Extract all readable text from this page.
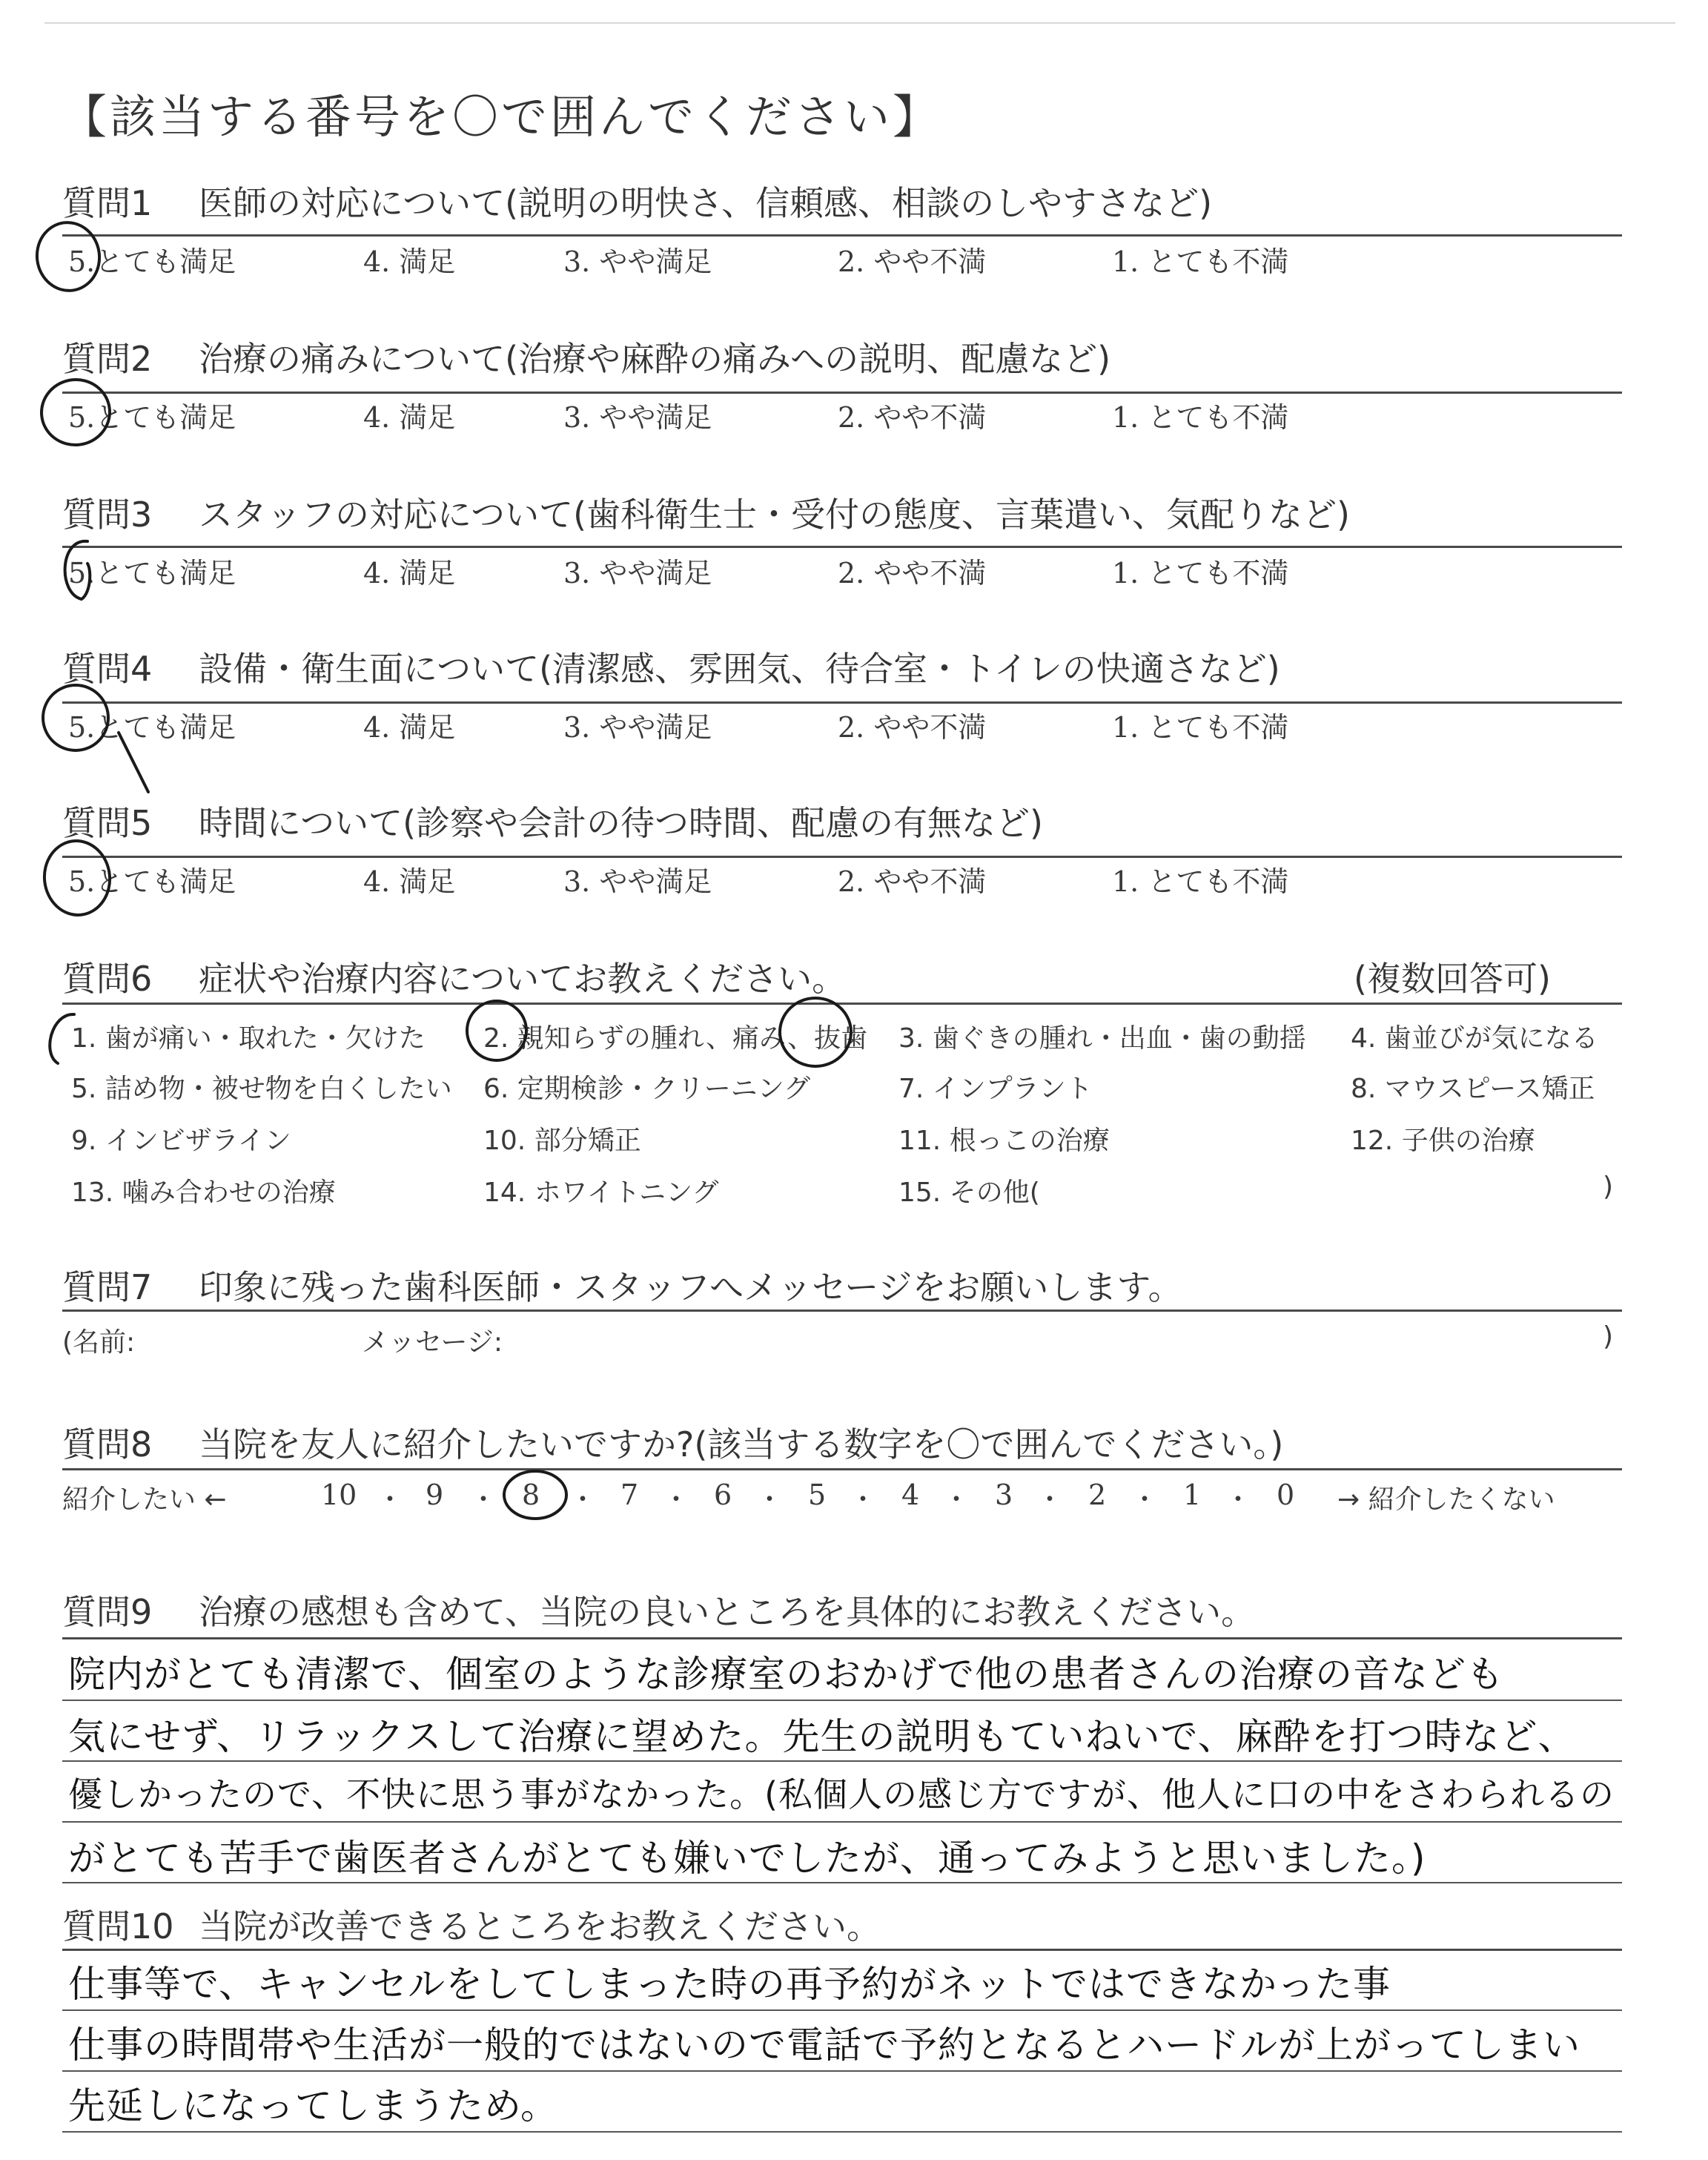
【該当する番号を〇で囲んでください】
質問1 医師の対応について(説明の明快さ、信頼感、相談のしやすさなど)
5.とても満足	4. 満足	3. やや満足	2. やや不満	1. とても不満
質問2 治療の痛みについて(治療や麻酔の痛みへの説明、配慮など)
5.とても満足	4. 満足	3. やや満足	2. やや不満	1. とても不満
質問3 スタッフの対応について(歯科衛生士・受付の態度、言葉遣い、気配りなど)
5.とても満足	4. 満足	3. やや満足	2. やや不満	1. とても不満
質問4 設備・衛生面について(清潔感、雰囲気、待合室・トイレの快適さなど)
5.とても満足	4. 満足	3. やや満足	2. やや不満	1. とても不満
質問5 時間について(診察や会計の待つ時間、配慮の有無など)
5.とても満足	4. 満足	3. やや満足	2. やや不満	1. とても不満
質問6 症状や治療内容についてお教えください。	(複数回答可)
1. 歯が痛い・取れた・欠けた 2. 親知らずの腫れ、痛み、抜歯 3. 歯ぐきの腫れ・出血・歯の動揺 4. 歯並びが気になる
5. 詰め物・被せ物を白くしたい 6. 定期検診・クリーニング	7. インプラント	8. マウスピース矯正
9. インビザライン	10. 部分矯正	11. 根っこの治療	12. 子供の治療
13. 噛み合わせの治療	14. ホワイトニング	15. その他(	)
質問7 印象に残った歯科医師・スタッフへメッセージをお願いします。
(名前:	メッセージ:	)
質問8 当院を友人に紹介したいですか?(該当する数字を〇で囲んでください。)
紹介したい ←	10 9	8	7	6	5	4	3	2	1	0
・ ・	・ ・ ・ ・ ・ ・	・ ・	→ 紹介したくない
質問9 治療の感想も含めて、当院の良いところを具体的にお教えください。
院内がとても清潔で、個室のような診療室のおかげで他の患者さんの治療の音なども
気にせず、リラックスして治療に望めた。先生の説明もていねいで、麻酔を打つ時など、
優しかったので、不快に思う事がなかった。(私個人の感じ方ですが、他人に口の中をさわられるの
がとても苦手で歯医者さんがとても嫌いでしたが、通ってみようと思いました。)
質問10 当院が改善できるところをお教えください。
仕事等で、キャンセルをしてしまった時の再予約がネットではできなかった事
仕事の時間帯や生活が一般的ではないので電話で予約となるとハードルが上がってしまい
先延しになってしまうため。
